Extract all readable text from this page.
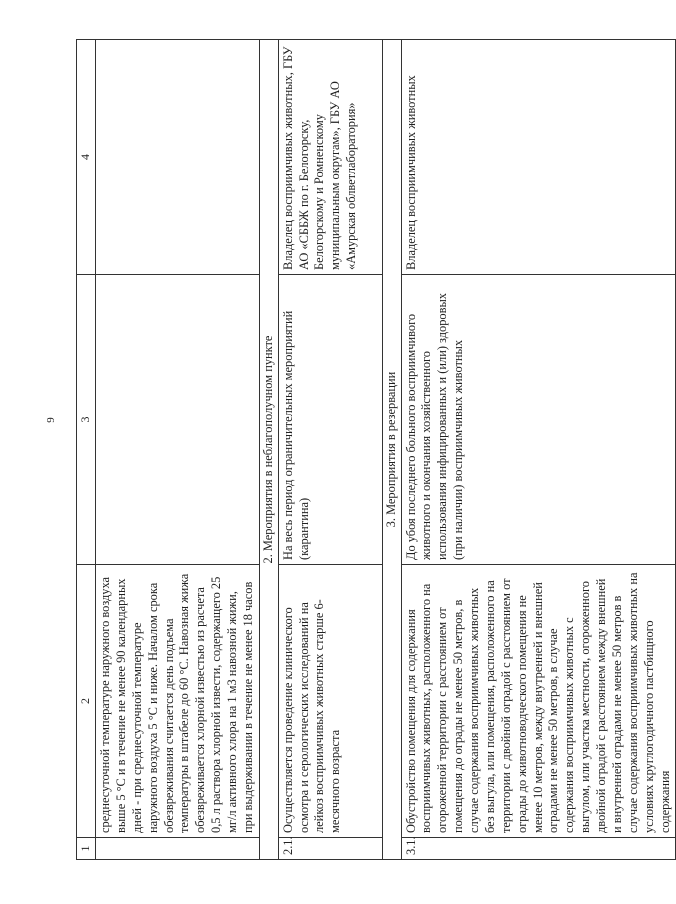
9
1	2	3	4
	среднесуточной температуре наружного воздуха выше 5 °С и в течение не менее 90 календарных дней - при среднесуточной температуре наружного воздуха 5 °С и ниже. Началом срока обезвреживания считается день подъема температуры в штабеле до 60 °С. Навозная жижа обезвреживается хлорной известью из расчета 0,5 л раствора хлорной извести, содержащего 25 мг/л активного хлора на 1 м3 навозной жижи, при выдерживании в течение не менее 18 часов		
2. Мероприятия в неблагополучном пункте			
2.1.	Осуществляется проведение клинического осмотра и серологических исследований на лейкоз восприимчивых животных старше 6-месячного возраста	На весь период ограничительных мероприятий (карантина)	Владелец восприимчивых животных, ГБУ АО «СББЖ по г. Белогорску, Белогорскому и Ромненскому муниципальным округам», ГБУ АО «Амурская облветлаборатория»
3. Мероприятия в резервации			
3.1.	Обустройство помещения для содержания восприимчивых животных, расположенного на огороженной территории с расстоянием от помещения до ограды не менее 50 метров, в случае содержания восприимчивых животных без выгула, или помещения, расположенного на территории с двойной оградой с расстоянием от ограды до животноводческого помещения не менее 10 метров, между внутренней и внешней оградами не менее 50 метров, в случае содержания восприимчивых животных с выгулом, или участка местности, огороженного двойной оградой с расстоянием между внешней и внутренней оградами не менее 50 метров в случае содержания восприимчивых животных на условиях круглогодичного пастбищного содержания	До убоя последнего больного восприимчивого животного и окончания хозяйственного использования инфицированных и (или) здоровых (при наличии) восприимчивых животных	Владелец восприимчивых животных
